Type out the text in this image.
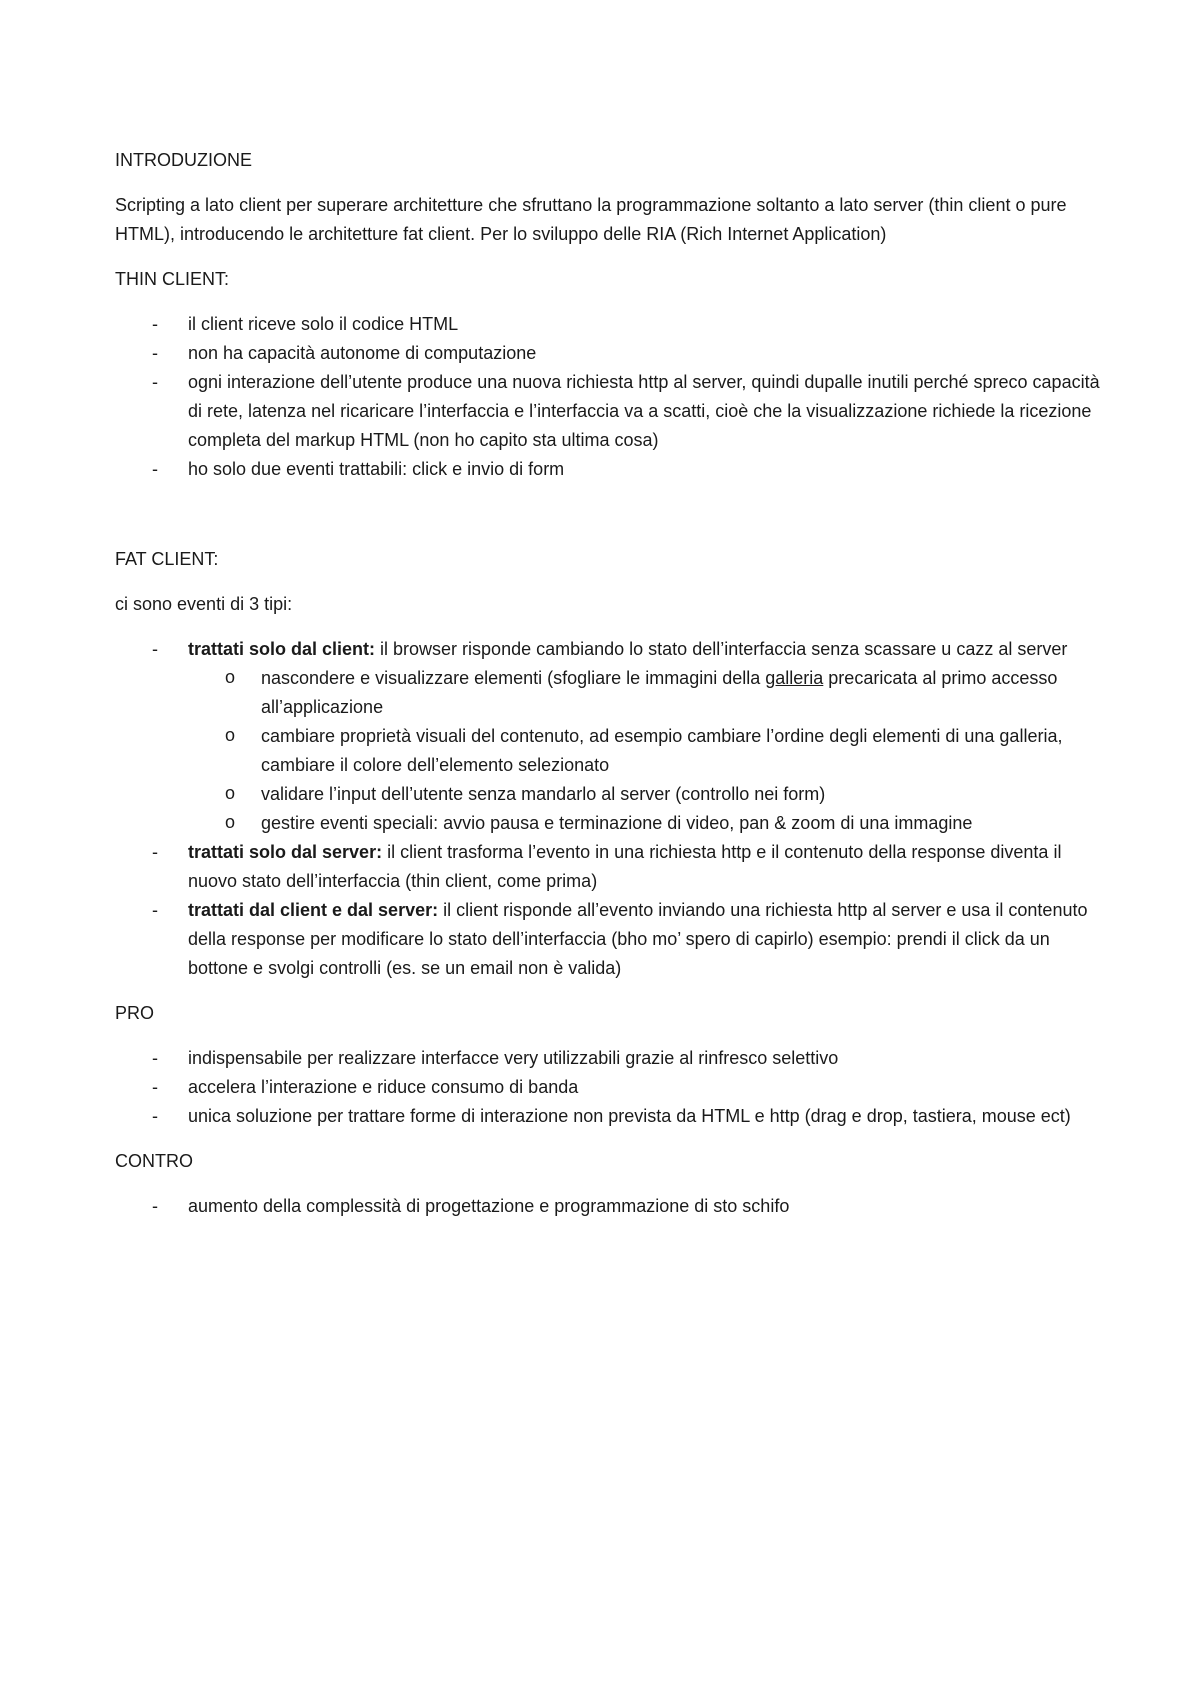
INTRODUZIONE

Scripting a lato client per superare architetture che sfruttano la programmazione soltanto a lato server (thin client o pure HTML), introducendo le architetture fat client. Per lo sviluppo delle RIA (Rich Internet Application)

THIN CLIENT:
- il client riceve solo il codice HTML
- non ha capacità autonome di computazione
- ogni interazione dell’utente produce una nuova richiesta http al server, quindi dupalle inutili perché spreco capacità di rete, latenza nel ricaricare l’interfaccia e l’interfaccia va a scatti, cioè che la visualizzazione richiede la ricezione completa del markup HTML (non ho capito sta ultima cosa)
- ho solo due eventi trattabili: click e invio di form
FAT CLIENT:

ci sono eventi di 3 tipi:

- trattati solo dal client: il browser risponde cambiando lo stato dell’interfaccia senza scassare u cazz al server
o nascondere e visualizzare elementi (sfogliare le immagini della galleria precaricata al primo accesso all’applicazione
o cambiare proprietà visuali del contenuto, ad esempio cambiare l’ordine degli elementi di una galleria, cambiare il colore dell’elemento selezionato
o validare l’input dell’utente senza mandarlo al server (controllo nei form)
o gestire eventi speciali: avvio pausa e terminazione di video, pan & zoom di una immagine
- trattati solo dal server: il client trasforma l’evento in una richiesta http e il contenuto della response diventa il nuovo stato dell’interfaccia (thin client, come prima)
- trattati dal client e dal server: il client risponde all’evento inviando una richiesta http al server e usa il contenuto della response per modificare lo stato dell’interfaccia (bho mo’ spero di capirlo) esempio: prendi il click da un bottone e svolgi controlli (es. se un email non è valida)
PRO
- indispensabile per realizzare interfacce very utilizzabili grazie al rinfresco selettivo
- accelera l’interazione e riduce consumo di banda
- unica soluzione per trattare forme di interazione non prevista da HTML e http (drag e drop, tastiera, mouse ect)
CONTRO
- aumento della complessità di progettazione e programmazione di sto schifo
